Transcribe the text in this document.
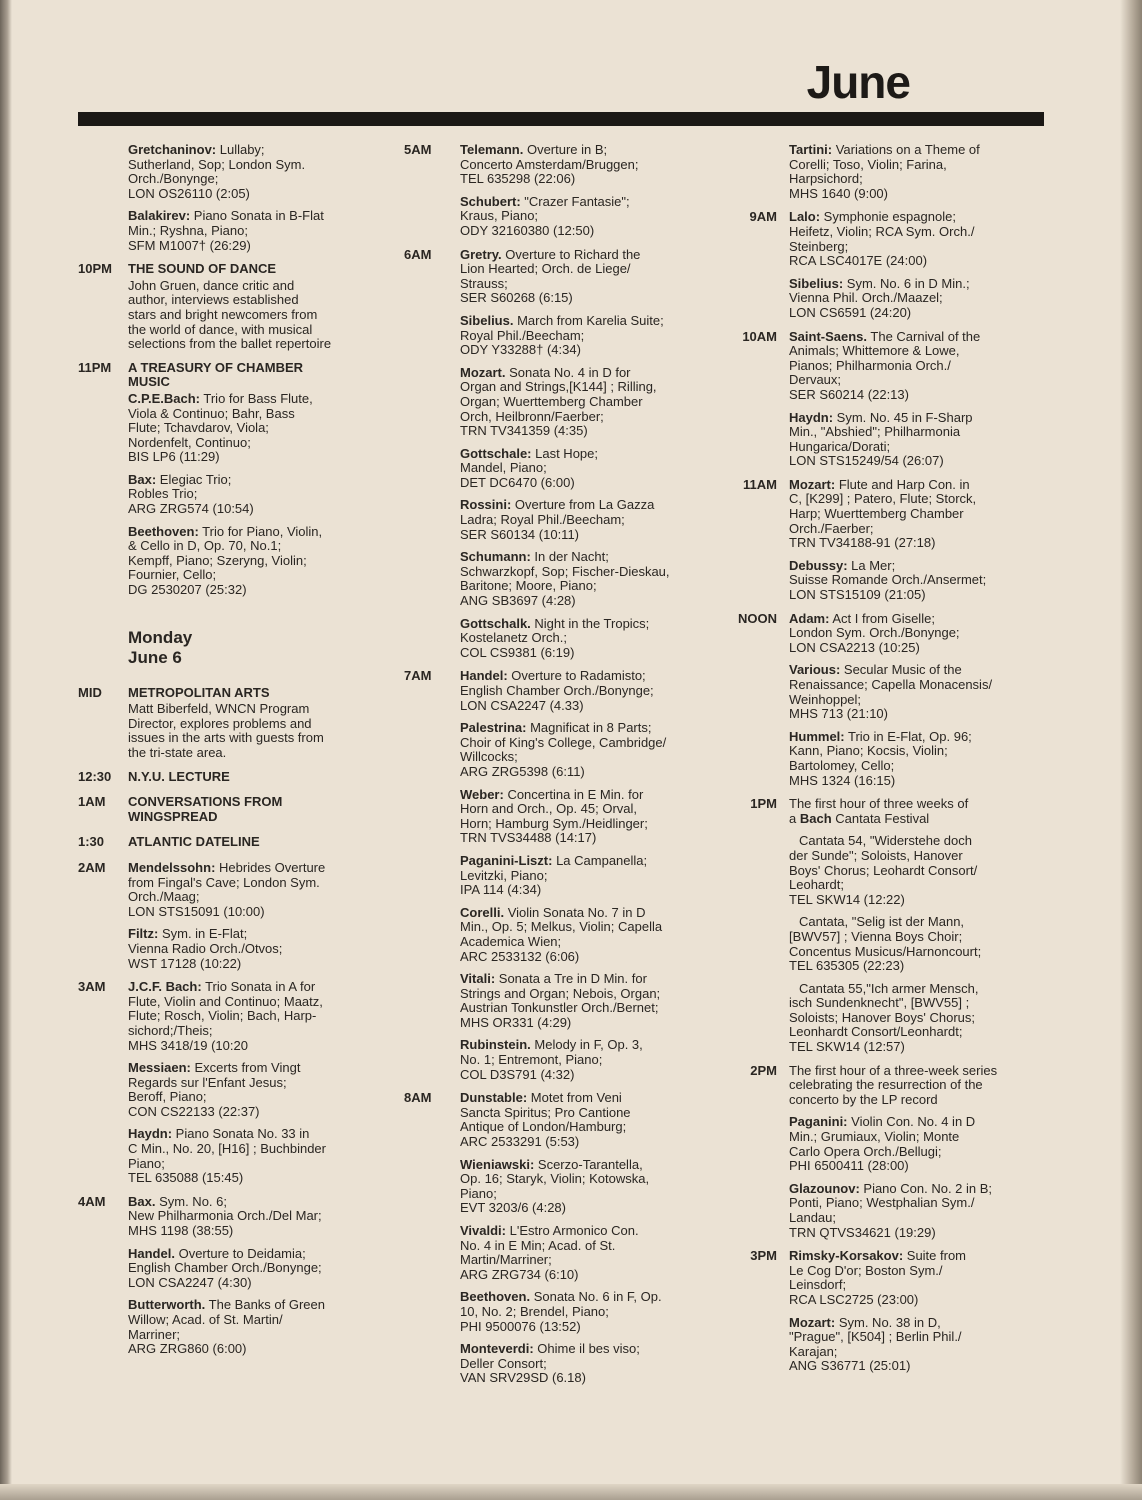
June
Gretchaninov: Lullaby;
Sutherland, Sop; London Sym.
Orch./Bonynge;
LON OS26110 (2:05)
Balakirev: Piano Sonata in B-Flat
Min.; Ryshna, Piano;
SFM M1007† (26:29)
10PM	THE SOUND OF DANCE
John Gruen, dance critic and
author, interviews established
stars and bright newcomers from
the world of dance, with musical
selections from the ballet repertoire
11PM	A TREASURY OF CHAMBER
MUSIC
C.P.E.Bach: Trio for Bass Flute,
Viola & Continuo; Bahr, Bass
Flute; Tchavdarov, Viola;
Nordenfelt, Continuo;
BIS LP6 (11:29)
Bax: Elegiac Trio;
Robles Trio;
ARG ZRG574 (10:54)
Beethoven: Trio for Piano, Violin,
& Cello in D, Op. 70, No.1;
Kempff, Piano; Szeryng, Violin;
Fournier, Cello;
DG 2530207 (25:32)
Monday
June 6
MID	METROPOLITAN ARTS
Matt Biberfeld, WNCN Program
Director, explores problems and
issues in the arts with guests from
the tri-state area.
12:30	N.Y.U. LECTURE
1AM	CONVERSATIONS FROM
WINGSPREAD
1:30	ATLANTIC DATELINE
2AM	Mendelssohn: Hebrides Overture
from Fingal's Cave; London Sym.
Orch./Maag;
LON STS15091 (10:00)
Filtz: Sym. in E-Flat;
Vienna Radio Orch./Otvos;
WST 17128 (10:22)
3AM	J.C.F. Bach: Trio Sonata in A for
Flute, Violin and Continuo; Maatz,
Flute; Rosch, Violin; Bach, Harp-
sichord;/Theis;
MHS 3418/19 (10:20
Messiaen: Excerts from Vingt
Regards sur l'Enfant Jesus;
Beroff, Piano;
CON CS22133 (22:37)
Haydn: Piano Sonata No. 33 in
C Min., No. 20, [H16] ; Buchbinder
Piano;
TEL 635088 (15:45)
4AM	Bax. Sym. No. 6;
New Philharmonia Orch./Del Mar;
MHS 1198 (38:55)
Handel. Overture to Deidamia;
English Chamber Orch./Bonynge;
LON CSA2247 (4:30)
Butterworth. The Banks of Green
Willow; Acad. of St. Martin/
Marriner;
ARG ZRG860 (6:00)
5AM	Telemann. Overture in B;
Concerto Amsterdam/Bruggen;
TEL 635298 (22:06)
Schubert: "Crazer Fantasie";
Kraus, Piano;
ODY 32160380 (12:50)
6AM	Gretry. Overture to Richard the
Lion Hearted; Orch. de Liege/
Strauss;
SER S60268 (6:15)
Sibelius. March from Karelia Suite;
Royal Phil./Beecham;
ODY Y33288† (4:34)
Mozart. Sonata No. 4 in D for
Organ and Strings,[K144] ; Rilling,
Organ; Wuerttemberg Chamber
Orch, Heilbronn/Faerber;
TRN TV341359 (4:35)
Gottschale: Last Hope;
Mandel, Piano;
DET DC6470 (6:00)
Rossini: Overture from La Gazza
Ladra; Royal Phil./Beecham;
SER S60134 (10:11)
Schumann: In der Nacht;
Schwarzkopf, Sop; Fischer-Dieskau,
Baritone; Moore, Piano;
ANG SB3697 (4:28)
Gottschalk. Night in the Tropics;
Kostelanetz Orch.;
COL CS9381 (6:19)
7AM	Handel: Overture to Radamisto;
English Chamber Orch./Bonynge;
LON CSA2247 (4.33)
Palestrina: Magnificat in 8 Parts;
Choir of King's College, Cambridge/
Willcocks;
ARG ZRG5398 (6:11)
Weber: Concertina in E Min. for
Horn and Orch., Op. 45; Orval,
Horn; Hamburg Sym./Heidlinger;
TRN TVS34488 (14:17)
Paganini-Liszt: La Campanella;
Levitzki, Piano;
IPA 114 (4:34)
Corelli. Violin Sonata No. 7 in D
Min., Op. 5; Melkus, Violin; Capella
Academica Wien;
ARC 2533132 (6:06)
Vitali: Sonata a Tre in D Min. for
Strings and Organ; Nebois, Organ;
Austrian Tonkunstler Orch./Bernet;
MHS OR331 (4:29)
Rubinstein. Melody in F, Op. 3,
No. 1; Entremont, Piano;
COL D3S791 (4:32)
8AM	Dunstable: Motet from Veni
Sancta Spiritus; Pro Cantione
Antique of London/Hamburg;
ARC 2533291 (5:53)
Wieniawski: Scerzo-Tarantella,
Op. 16; Staryk, Violin; Kotowska,
Piano;
EVT 3203/6 (4:28)
Vivaldi: L'Estro Armonico Con.
No. 4 in E Min; Acad. of St.
Martin/Marriner;
ARG ZRG734 (6:10)
Beethoven. Sonata No. 6 in F, Op.
10, No. 2; Brendel, Piano;
PHI 9500076 (13:52)
Monteverdi: Ohime il bes viso;
Deller Consort;
VAN SRV29SD (6.18)
Tartini: Variations on a Theme of
Corelli; Toso, Violin; Farina,
Harpsichord;
MHS 1640 (9:00)
9AM Lalo: Symphonie espagnole;
Heifetz, Violin; RCA Sym. Orch./
Steinberg;
RCA LSC4017E (24:00)
Sibelius: Sym. No. 6 in D Min.;
Vienna Phil. Orch./Maazel;
LON CS6591 (24:20)
10AM Saint-Saens. The Carnival of the
Animals; Whittemore & Lowe,
Pianos; Philharmonia Orch./
Dervaux;
SER S60214 (22:13)
Haydn: Sym. No. 45 in F-Sharp
Min., "Abshied"; Philharmonia
Hungarica/Dorati;
LON STS15249/54 (26:07)
11AM Mozart: Flute and Harp Con. in
C, [K299] ; Patero, Flute; Storck,
Harp; Wuerttemberg Chamber
Orch./Faerber;
TRN TV34188-91 (27:18)
Debussy: La Mer;
Suisse Romande Orch./Ansermet;
LON STS15109 (21:05)
NOON Adam: Act I from Giselle;
London Sym. Orch./Bonynge;
LON CSA2213 (10:25)
Various: Secular Music of the
Renaissance; Capella Monacensis/
Weinhoppel;
MHS 713 (21:10)
Hummel: Trio in E-Flat, Op. 96;
Kann, Piano; Kocsis, Violin;
Bartolomey, Cello;
MHS 1324 (16:15)
1PM The first hour of three weeks of
a Bach Cantata Festival
Cantata 54, "Widerstehe doch
der Sunde"; Soloists, Hanover
Boys' Chorus; Leohardt Consort/
Leohardt;
TEL SKW14 (12:22)
Cantata, "Selig ist der Mann,
[BWV57] ; Vienna Boys Choir;
Concentus Musicus/Harnoncourt;
TEL 635305 (22:23)
Cantata 55,"Ich armer Mensch,
isch Sundenknecht", [BWV55] ;
Soloists; Hanover Boys' Chorus;
Leonhardt Consort/Leonhardt;
TEL SKW14 (12:57)
2PM The first hour of a three-week series
celebrating the resurrection of the
concerto by the LP record
Paganini: Violin Con. No. 4 in D
Min.; Grumiaux, Violin; Monte
Carlo Opera Orch./Bellugi;
PHI 6500411 (28:00)
Glazounov: Piano Con. No. 2 in B;
Ponti, Piano; Westphalian Sym./
Landau;
TRN QTVS34621 (19:29)
3PM Rimsky-Korsakov: Suite from
Le Cog D'or; Boston Sym./
Leinsdorf;
RCA LSC2725 (23:00)
Mozart: Sym. No. 38 in D,
"Prague", [K504] ; Berlin Phil./
Karajan;
ANG S36771 (25:01)
